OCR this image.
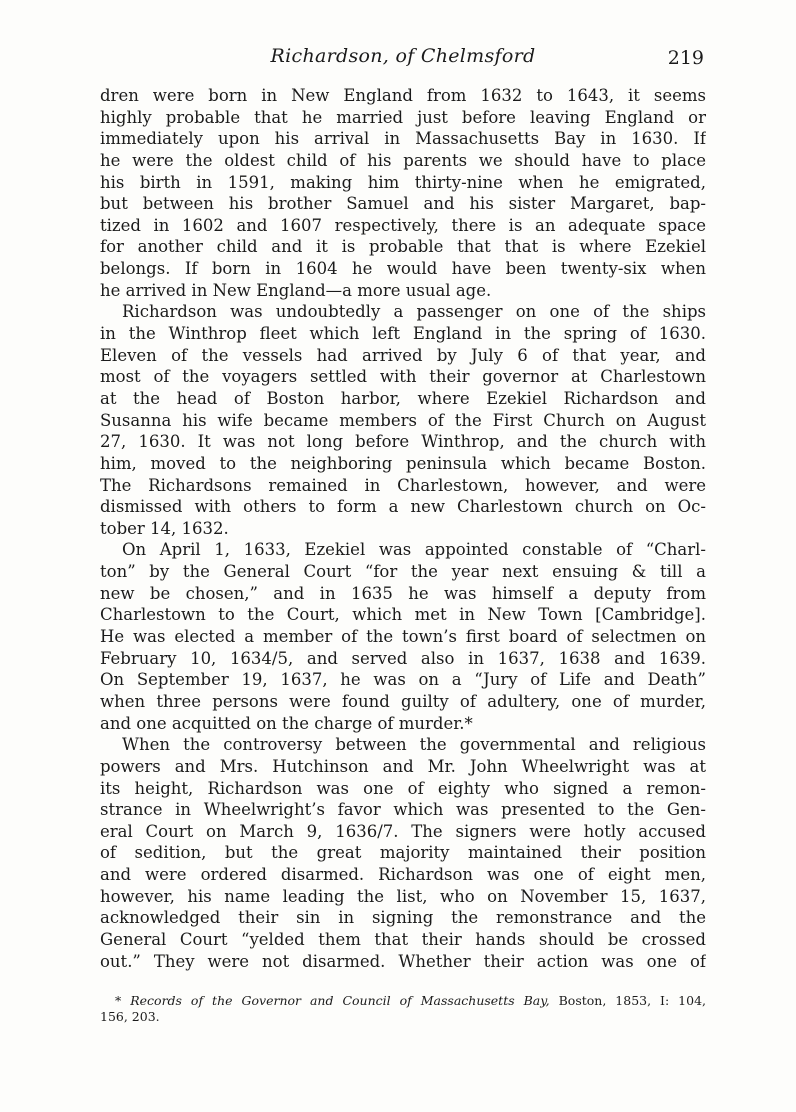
Richardson, of Chelmsford	219
dren were born in New England from 1632 to 1643, it seems
highly probable that he married just before leaving England or
immediately upon his arrival in Massachusetts Bay in 1630. If
he were the oldest child of his parents we should have to place
his birth in 1591, making him thirty-nine when he emigrated,
but between his brother Samuel and his sister Margaret, bap-
tized in 1602 and 1607 respectively, there is an adequate space
for another child and it is probable that that is where Ezekiel
belongs. If born in 1604 he would have been twenty-six when
he arrived in New England—a more usual age.
Richardson was undoubtedly a passenger on one of the ships
in the Winthrop fleet which left England in the spring of 1630.
Eleven of the vessels had arrived by July 6 of that year, and
most of the voyagers settled with their governor at Charlestown
at the head of Boston harbor, where Ezekiel Richardson and
Susanna his wife became members of the First Church on August
27, 1630. It was not long before Winthrop, and the church with
him, moved to the neighboring peninsula which became Boston.
The Richardsons remained in Charlestown, however, and were
dismissed with others to form a new Charlestown church on Oc-
tober 14, 1632.
On April 1, 1633, Ezekiel was appointed constable of “Charl-
ton” by the General Court “for the year next ensuing & till a
new be chosen,” and in 1635 he was himself a deputy from
Charlestown to the Court, which met in New Town [Cambridge].
He was elected a member of the town’s first board of selectmen on
February 10, 1634/5, and served also in 1637, 1638 and 1639.
On September 19, 1637, he was on a “Jury of Life and Death”
when three persons were found guilty of adultery, one of murder,
and one acquitted on the charge of murder.*
When the controversy between the governmental and religious
powers and Mrs. Hutchinson and Mr. John Wheelwright was at
its height, Richardson was one of eighty who signed a remon-
strance in Wheelwright’s favor which was presented to the Gen-
eral Court on March 9, 1636/7. The signers were hotly accused
of sedition, but the great majority maintained their position
and were ordered disarmed. Richardson was one of eight men,
however, his name leading the list, who on November 15, 1637,
acknowledged their sin in signing the remonstrance and the
General Court “yelded them that their hands should be crossed
out.” They were not disarmed. Whether their action was one of
* Records of the Governor and Council of Massachusetts Bay, Boston, 1853, I: 104,
156, 203.
